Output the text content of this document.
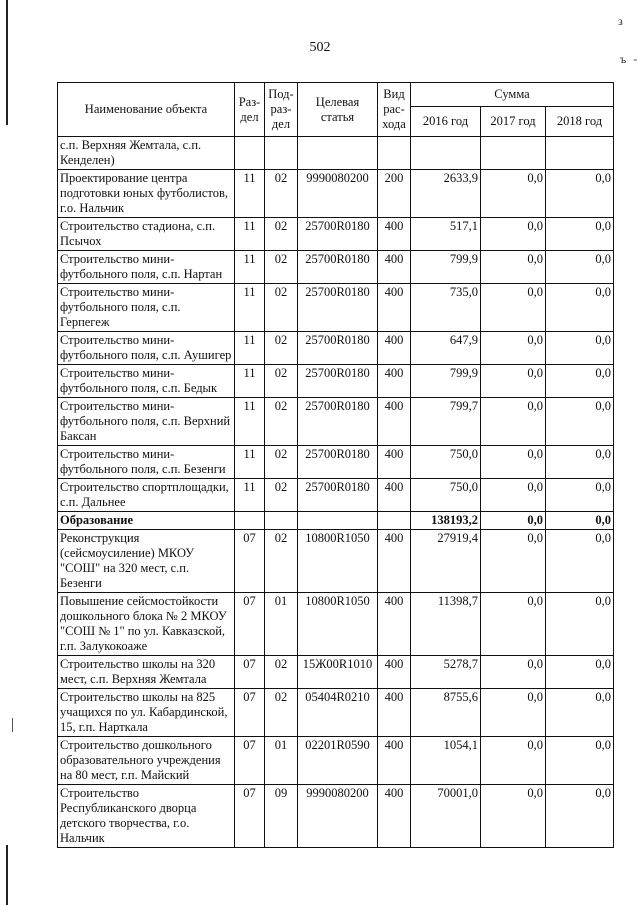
з
ъ -
502
Наименование объекта	Раз-дел	Под-раз-дел	Целевая статья	Вид рас-хода	Сумма		
					2016 год	2017 год	2018 год
с.п. Верхняя Жемтала, с.п. Кенделен)							
Проектирование центра подготовки юных футболистов, г.о. Нальчик	11	02	9990080200	200	2633,9	0,0	0,0
Строительство стадиона, с.п. Псычох	11	02	25700R0180	400	517,1	0,0	0,0
Строительство мини-футбольного поля, с.п. Нартан	11	02	25700R0180	400	799,9	0,0	0,0
Строительство мини-футбольного поля, с.п. Герпегеж	11	02	25700R0180	400	735,0	0,0	0,0
Строительство мини-футбольного поля, с.п. Аушигер	11	02	25700R0180	400	647,9	0,0	0,0
Строительство мини-футбольного поля, с.п. Бедык	11	02	25700R0180	400	799,9	0,0	0,0
Строительство мини-футбольного поля, с.п. Верхний Баксан	11	02	25700R0180	400	799,7	0,0	0,0
Строительство мини-футбольного поля, с.п. Безенги	11	02	25700R0180	400	750,0	0,0	0,0
Строительство спортплощадки, с.п. Дальнее	11	02	25700R0180	400	750,0	0,0	0,0
Образование					138193,2	0,0	0,0
Реконструкция (сейсмоусиление) МКОУ "СОШ" на 320 мест, с.п. Безенги	07	02	10800R1050	400	27919,4	0,0	0,0
Повышение сейсмостойкости дошкольного блока № 2 МКОУ "СОШ № 1" по ул. Кавказской, г.п. Залукокоаже	07	01	10800R1050	400	11398,7	0,0	0,0
Строительство школы на 320 мест, с.п. Верхняя Жемтала	07	02	15Ж00R1010	400	5278,7	0,0	0,0
Строительство школы на 825 учащихся по ул. Кабардинской, 15, г.п. Нарткала	07	02	05404R0210	400	8755,6	0,0	0,0
Строительство дошкольного образовательного учреждения на 80 мест, г.п. Майский	07	01	02201R0590	400	1054,1	0,0	0,0
Строительство Республиканского дворца детского творчества, г.о. Нальчик	07	09	9990080200	400	70001,0	0,0	0,0
